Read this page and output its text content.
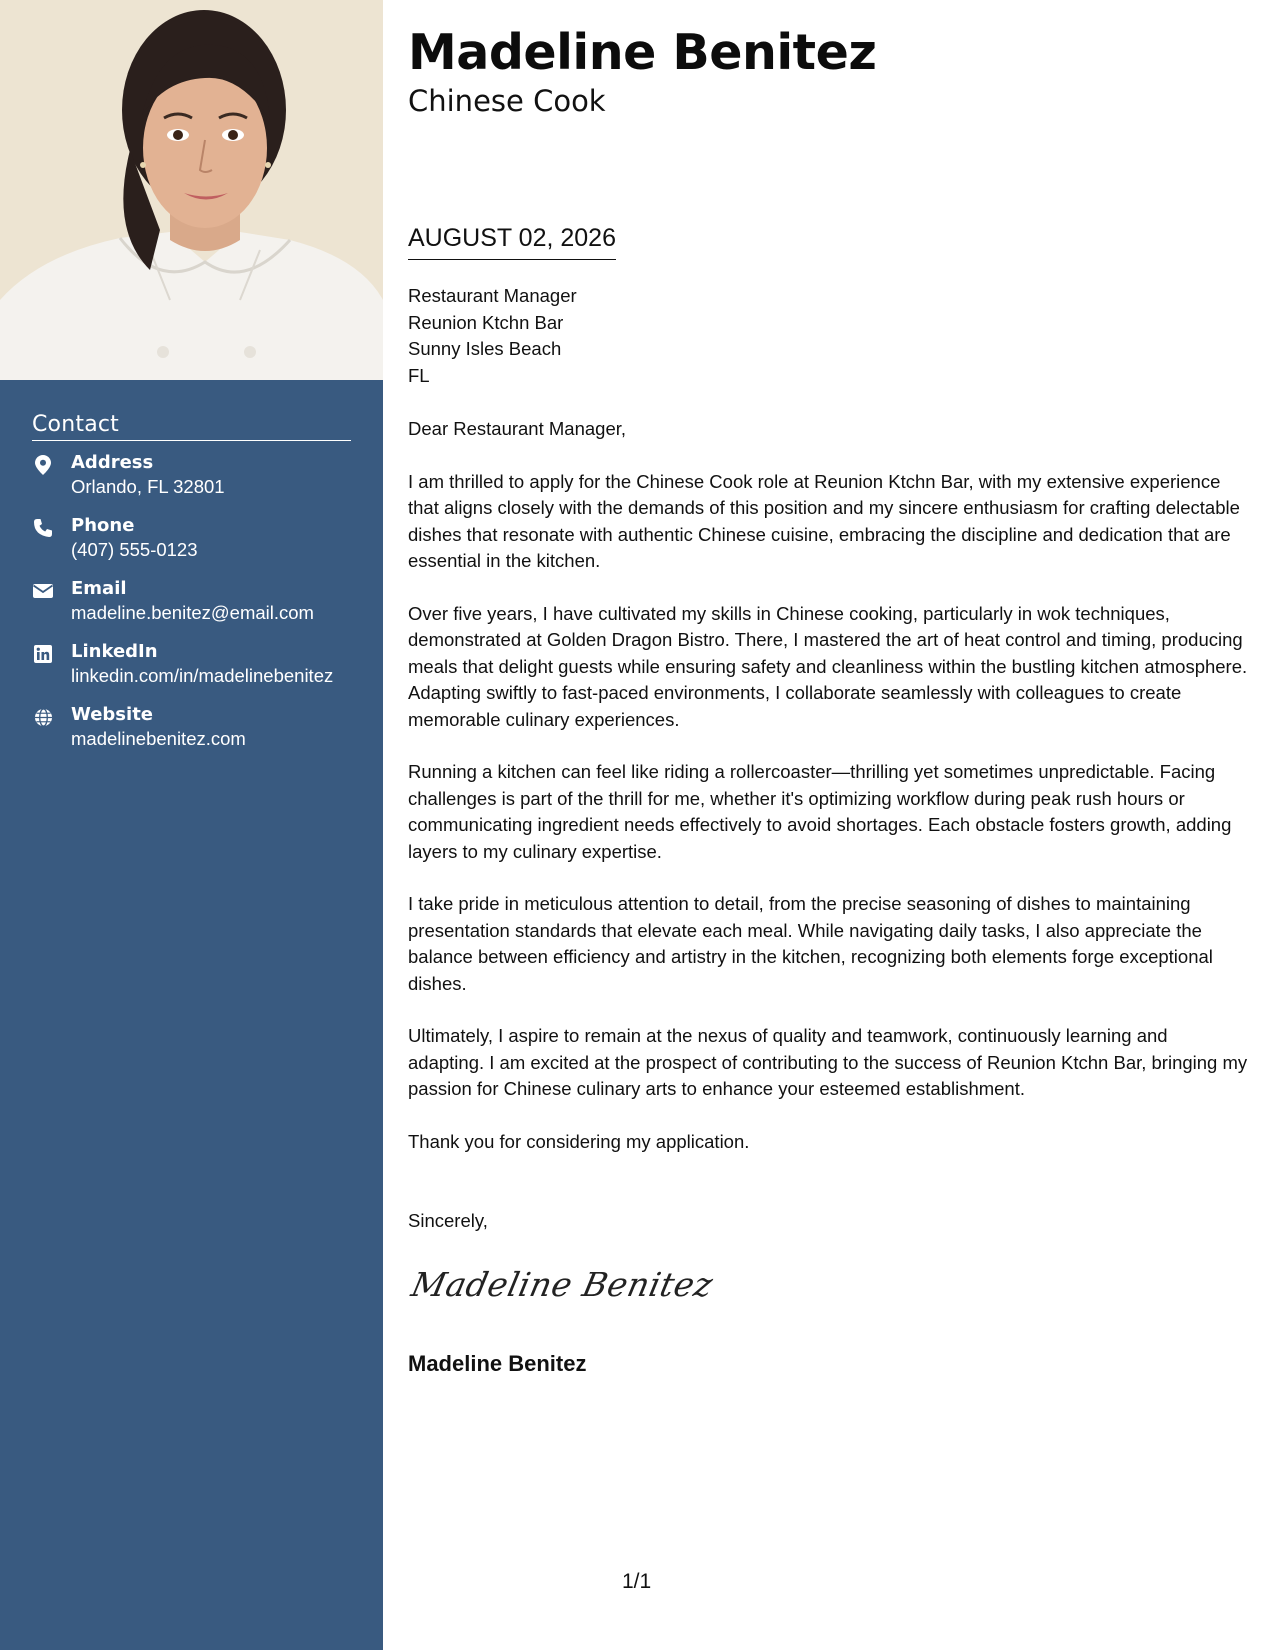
Contact
Address
Orlando, FL 32801
Phone
(407) 555-0123
Email
madeline.benitez@email.com
LinkedIn
linkedin.com/in/madelinebenitez
Website
madelinebenitez.com
Madeline Benitez
Chinese Cook
AUGUST 02, 2026
Restaurant Manager
Reunion Ktchn Bar
Sunny Isles Beach
FL

Dear Restaurant Manager,

I am thrilled to apply for the Chinese Cook role at Reunion Ktchn Bar, with my extensive experience that aligns closely with the demands of this position and my sincere enthusiasm for crafting delectable dishes that resonate with authentic Chinese cuisine, embracing the discipline and dedication that are essential in the kitchen.

Over five years, I have cultivated my skills in Chinese cooking, particularly in wok techniques, demonstrated at Golden Dragon Bistro. There, I mastered the art of heat control and timing, producing meals that delight guests while ensuring safety and cleanliness within the bustling kitchen atmosphere. Adapting swiftly to fast-paced environments, I collaborate seamlessly with colleagues to create memorable culinary experiences.

Running a kitchen can feel like riding a rollercoaster—thrilling yet sometimes unpredictable. Facing challenges is part of the thrill for me, whether it's optimizing workflow during peak rush hours or communicating ingredient needs effectively to avoid shortages. Each obstacle fosters growth, adding layers to my culinary expertise.

I take pride in meticulous attention to detail, from the precise seasoning of dishes to maintaining presentation standards that elevate each meal. While navigating daily tasks, I also appreciate the balance between efficiency and artistry in the kitchen, recognizing both elements forge exceptional dishes.

Ultimately, I aspire to remain at the nexus of quality and teamwork, continuously learning and adapting. I am excited at the prospect of contributing to the success of Reunion Ktchn Bar, bringing my passion for Chinese culinary arts to enhance your esteemed establishment.

Thank you for considering my application.

Sincerely,
Madeline Benitez
Madeline Benitez
1/1
